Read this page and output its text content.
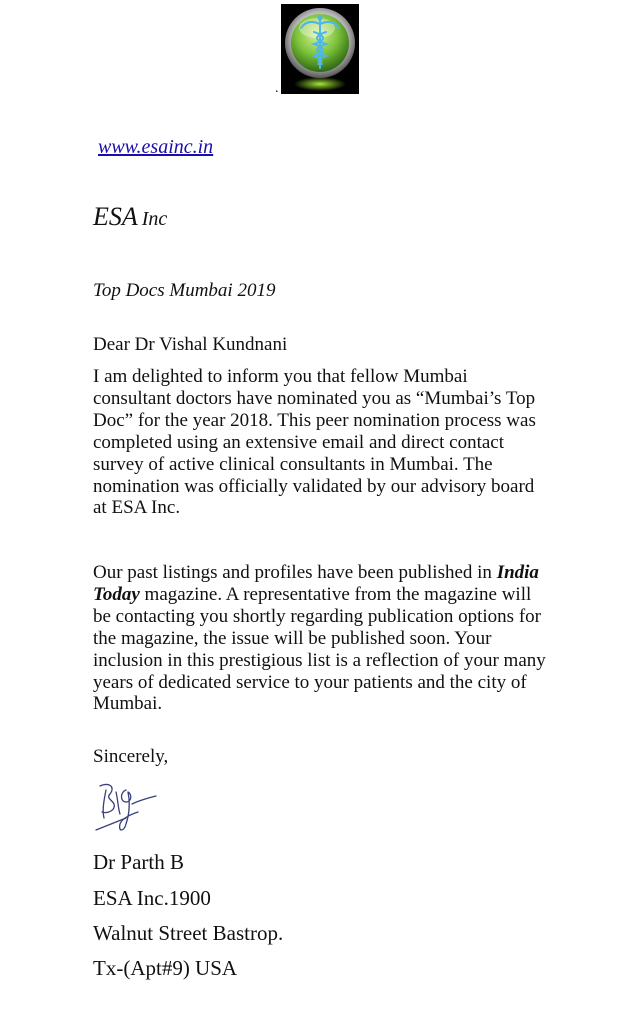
.
www.esainc.in
ESA Inc
Top Docs Mumbai 2019
Dear Dr Vishal Kundnani
I am delighted to inform you that fellow Mumbai consultant doctors have nominated you as “Mumbai’s Top Doc” for the year 2018. This peer nomination process was completed using an extensive email and direct contact survey of active clinical consultants in Mumbai. The nomination was officially validated by our advisory board at ESA Inc.
Our past listings and profiles have been published in India Today magazine. A representative from the magazine will be contacting you shortly regarding publication options for the magazine, the issue will be published soon. Your inclusion in this prestigious list is a reflection of your many years of dedicated service to your patients and the city of Mumbai.
Sincerely,
Dr Parth B
ESA Inc.1900
Walnut Street Bastrop.
Tx-(Apt#9) USA
